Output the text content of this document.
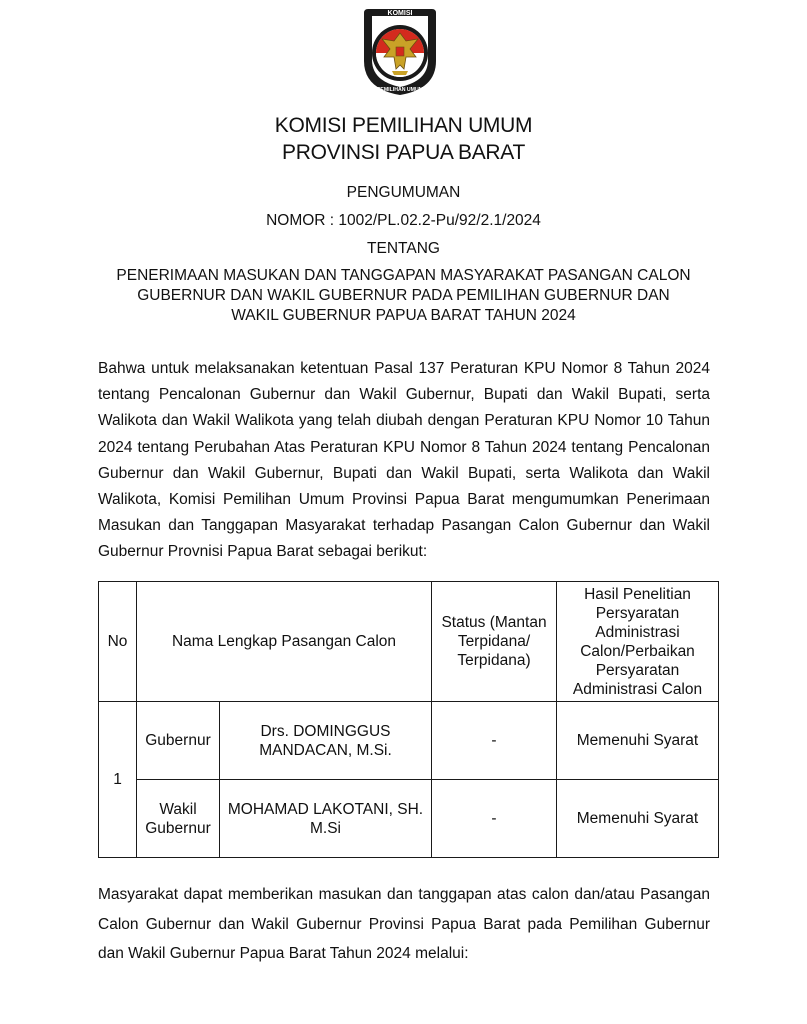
KOMISI
PEMILIHAN UMUM
KOMISI PEMILIHAN UMUM
PROVINSI PAPUA BARAT
PENGUMUMAN
NOMOR : 1002/PL.02.2-Pu/92/2.1/2024
TENTANG
PENERIMAAN MASUKAN DAN TANGGAPAN MASYARAKAT PASANGAN CALON
GUBERNUR DAN WAKIL GUBERNUR PADA PEMILIHAN GUBERNUR DAN
WAKIL GUBERNUR PAPUA BARAT TAHUN 2024
Bahwa untuk melaksanakan ketentuan Pasal 137 Peraturan KPU Nomor 8 Tahun 2024 tentang Pencalonan Gubernur dan Wakil Gubernur, Bupati dan Wakil Bupati, serta Walikota dan Wakil Walikota yang telah diubah dengan Peraturan KPU Nomor 10 Tahun 2024 tentang Perubahan Atas Peraturan KPU Nomor 8 Tahun 2024 tentang Pencalonan Gubernur dan Wakil Gubernur, Bupati dan Wakil Bupati, serta Walikota dan Wakil Walikota, Komisi Pemilihan Umum Provinsi Papua Barat mengumumkan Penerimaan Masukan dan Tanggapan Masyarakat terhadap Pasangan Calon Gubernur dan Wakil Gubernur Provnisi Papua Barat sebagai berikut:
No	Nama Lengkap Pasangan Calon		Status (Mantan Terpidana/ Terpidana)	Hasil Penelitian Persyaratan Administrasi Calon/Perbaikan Persyaratan Administrasi Calon
1	Gubernur	Drs. DOMINGGUS MANDACAN, M.Si.	-	Memenuhi Syarat
	Wakil Gubernur	MOHAMAD LAKOTANI, SH. M.Si	-	Memenuhi Syarat
Masyarakat dapat memberikan masukan dan tanggapan atas calon dan/atau Pasangan Calon Gubernur dan Wakil Gubernur Provinsi Papua Barat pada Pemilihan Gubernur dan Wakil Gubernur Papua Barat Tahun 2024 melalui:
